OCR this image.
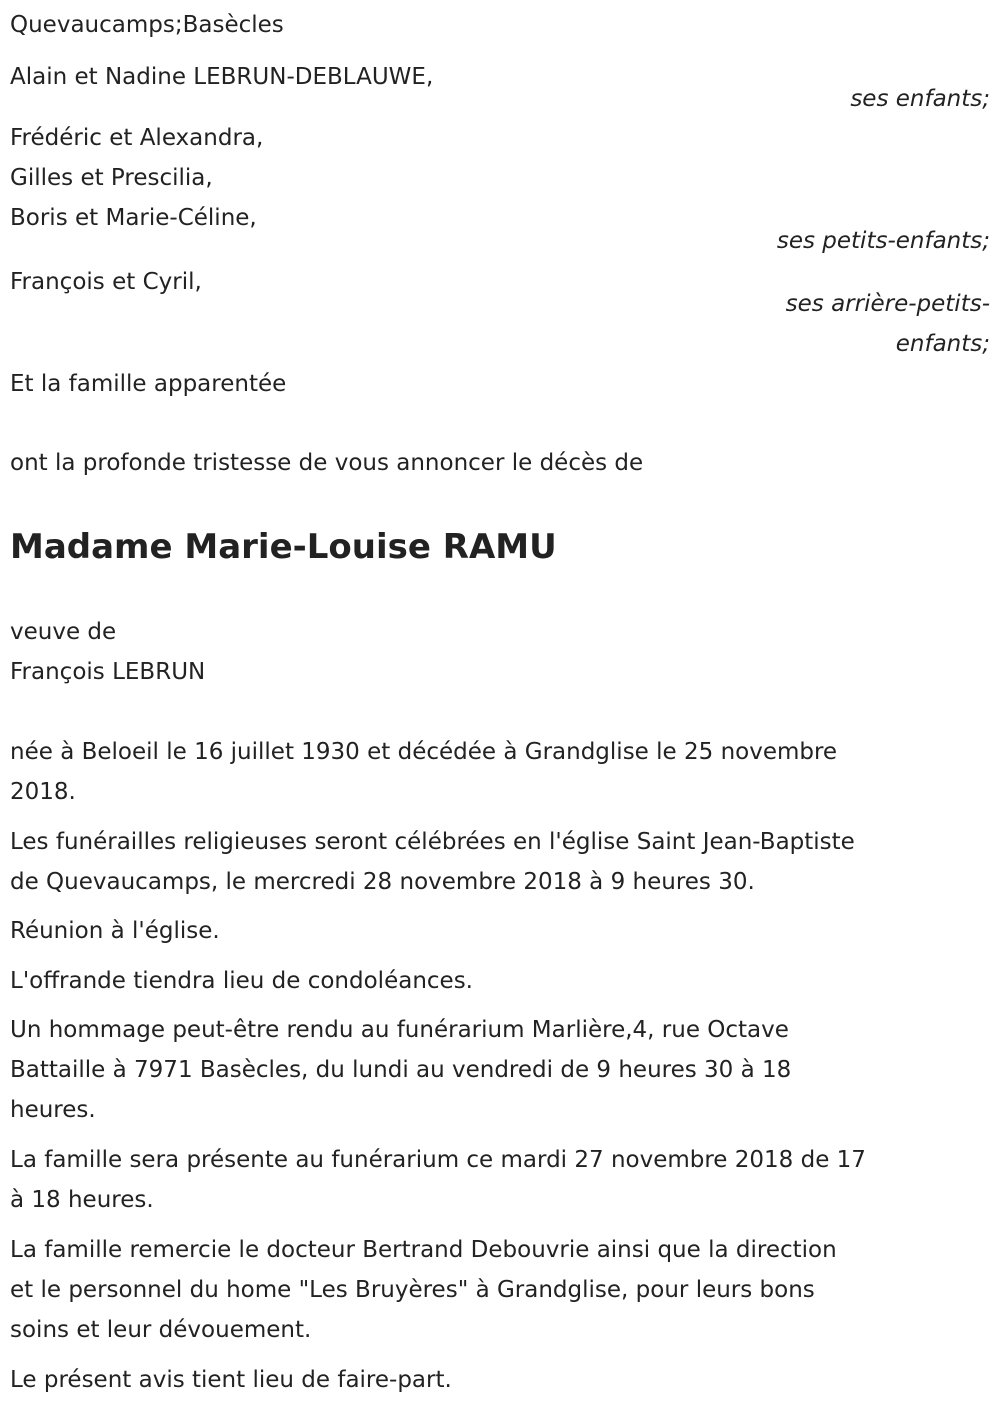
Quevaucamps;Basècles
Alain et Nadine LEBRUN-DEBLAUWE,
ses enfants;
Frédéric et Alexandra,
Gilles et Prescilia,
Boris et Marie-Céline,
ses petits-enfants;
François et Cyril,
ses arrière-petits-
enfants;
Et la famille apparentée
ont la profonde tristesse de vous annoncer le décès de
Madame Marie-Louise RAMU
veuve de
François LEBRUN
née à Beloeil le 16 juillet 1930 et décédée à Grandglise le 25 novembre
2018.
Les funérailles religieuses seront célébrées en l'église Saint Jean-Baptiste
de Quevaucamps, le mercredi 28 novembre 2018 à 9 heures 30.
Réunion à l'église.
L'offrande tiendra lieu de condoléances.
Un hommage peut-être rendu au funérarium Marlière,4, rue Octave
Battaille à 7971 Basècles, du lundi au vendredi de 9 heures 30 à 18
heures.
La famille sera présente au funérarium ce mardi 27 novembre 2018 de 17
à 18 heures.
La famille remercie le docteur Bertrand Debouvrie ainsi que la direction
et le personnel du home "Les Bruyères" à Grandglise, pour leurs bons
soins et leur dévouement.
Le présent avis tient lieu de faire-part.
